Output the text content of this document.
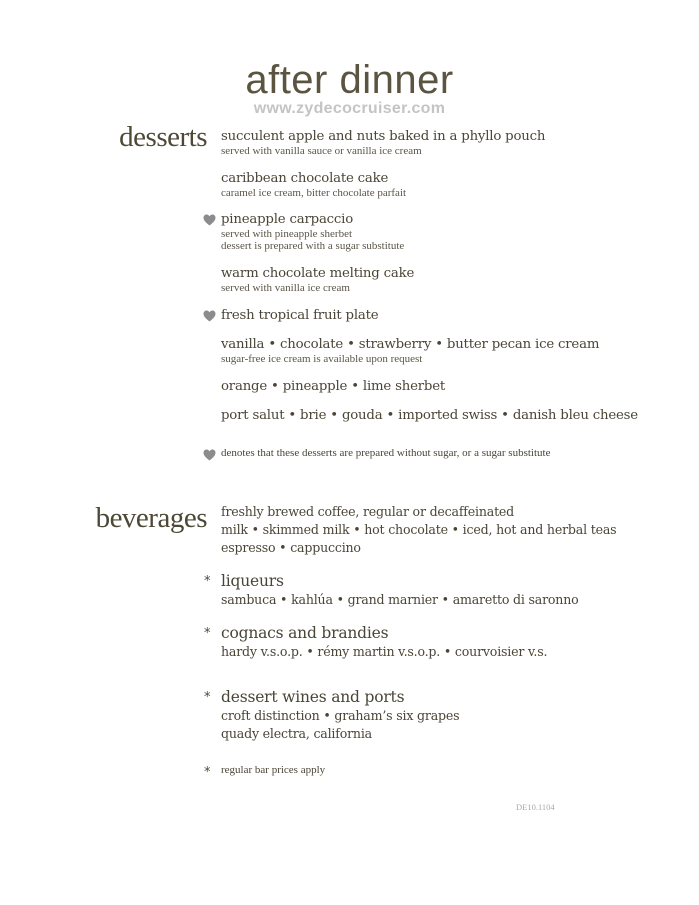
after dinner
www.zydecocruiser.com
desserts succulent apple and nuts baked in a phyllo pouch
served with vanilla sauce or vanilla ice cream
caribbean chocolate cake
caramel ice cream, bitter chocolate parfait
pineapple carpaccio
served with pineapple sherbet
dessert is prepared with a sugar substitute
warm chocolate melting cake
served with vanilla ice cream
fresh tropical fruit plate
vanilla • chocolate • strawberry • butter pecan ice cream
sugar-free ice cream is available upon request
orange • pineapple • lime sherbet
port salut • brie • gouda • imported swiss • danish bleu cheese
denotes that these desserts are prepared without sugar, or a sugar substitute
beverages freshly brewed coffee, regular or decaffeinated
milk • skimmed milk • hot chocolate • iced, hot and herbal teas
espresso • cappuccino
* liqueurs
sambuca • kahlúa • grand marnier • amaretto di saronno
* cognacs and brandies
hardy v.s.o.p. • rémy martin v.s.o.p. • courvoisier v.s.
* dessert wines and ports
croft distinction • graham’s six grapes
quady electra, california
* regular bar prices apply
DE10.1104
